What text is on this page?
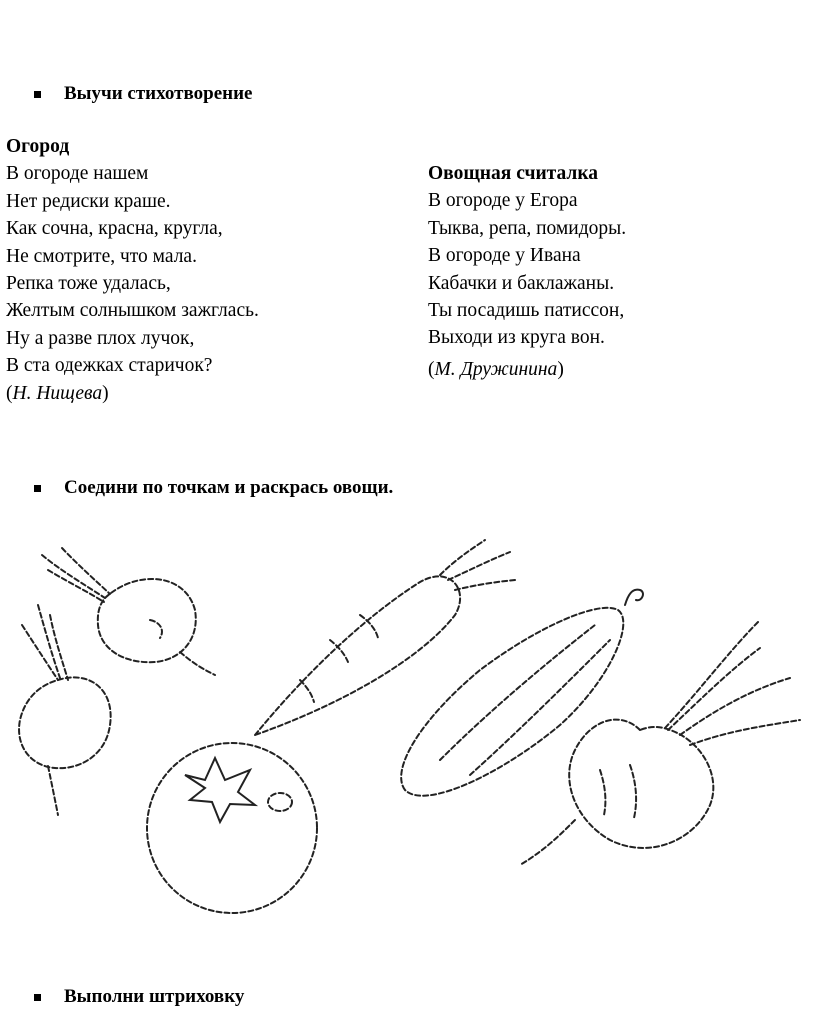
Выучи стихотворение
Огород
В огороде нашем
Нет редиски краше.
Как сочна, красна, кругла,
Не смотрите, что мала.
Репка тоже удалась,
Желтым солнышком зажглась.
Ну а разве плох лучок,
В ста одежках старичок?
(Н. Нищева)
Овощная считалка
В огороде у Егора
Тыква, репа, помидоры.
В огороде у Ивана
Кабачки и баклажаны.
Ты посадишь патиссон,
Выходи из круга вон.
(М. Дружинина)
Соедини по точкам и раскрась овощи.
Выполни штриховку
